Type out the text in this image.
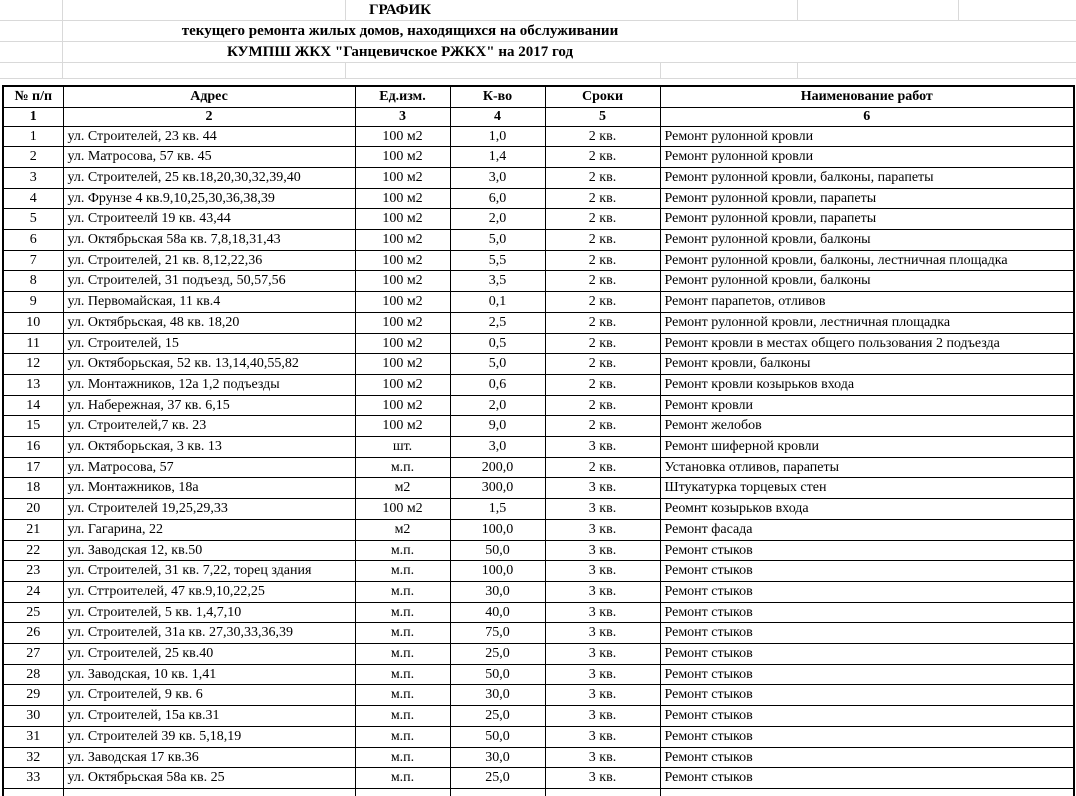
ГРАФИК
текущего ремонта жилых домов, находящихся на обслуживании
КУМПШ ЖКХ "Ганцевичское РЖКХ" на 2017 год
№ п/п	Адрес	Ед.изм.	К-во	Сроки	Наименование работ
1	2	3	4	5	6
1	ул. Строителей, 23 кв. 44	100 м2	1,0	2 кв.	Ремонт рулонной кровли
2	ул. Матросова, 57 кв. 45	100 м2	1,4	2 кв.	Ремонт рулонной кровли
3	ул. Строителей, 25 кв.18,20,30,32,39,40	100 м2	3,0	2 кв.	Ремонт рулонной кровли, балконы, парапеты
4	ул. Фрунзе 4 кв.9,10,25,30,36,38,39	100 м2	6,0	2 кв.	Ремонт рулонной кровли, парапеты
5	ул. Строитеелй 19 кв. 43,44	100 м2	2,0	2 кв.	Ремонт рулонной кровли, парапеты
6	ул. Октябрьская 58а кв. 7,8,18,31,43	100 м2	5,0	2 кв.	Ремонт рулонной кровли, балконы
7	ул. Строителей, 21 кв. 8,12,22,36	100 м2	5,5	2 кв.	Ремонт рулонной кровли, балконы, лестничная площадка
8	ул. Строителей, 31 подъезд, 50,57,56	100 м2	3,5	2 кв.	Ремонт рулонной кровли, балконы
9	ул. Первомайская, 11 кв.4	100 м2	0,1	2 кв.	Ремонт парапетов, отливов
10	ул. Октябрьская, 48 кв. 18,20	100 м2	2,5	2 кв.	Ремонт рулонной кровли, лестничная площадка
11	ул. Строителей, 15	100 м2	0,5	2 кв.	Ремонт кровли в местах общего пользования 2 подъезда
12	ул. Октяборьская, 52 кв. 13,14,40,55,82	100 м2	5,0	2 кв.	Ремонт кровли, балконы
13	ул. Монтажников, 12а 1,2 подъезды	100 м2	0,6	2 кв.	Ремонт кровли козырьков входа
14	ул. Набережная, 37 кв. 6,15	100 м2	2,0	2 кв.	Ремонт кровли
15	ул. Строителей,7 кв. 23	100 м2	9,0	2 кв.	Ремонт желобов
16	ул. Октяборьская, 3 кв. 13	шт.	3,0	3 кв.	Ремонт шиферной кровли
17	ул. Матросова, 57	м.п.	200,0	2 кв.	Установка отливов, парапеты
18	ул. Монтажников, 18а	м2	300,0	3 кв.	Штукатурка торцевых стен
20	ул. Строителей 19,25,29,33	100 м2	1,5	3 кв.	Реомнт козырьков входа
21	ул. Гагарина, 22	м2	100,0	3 кв.	Ремонт фасада
22	ул. Заводская 12, кв.50	м.п.	50,0	3 кв.	Ремонт стыков
23	ул. Строителей, 31 кв. 7,22, торец здания	м.п.	100,0	3 кв.	Ремонт стыков
24	ул. Сттроителей, 47 кв.9,10,22,25	м.п.	30,0	3 кв.	Ремонт стыков
25	ул. Строителей, 5 кв. 1,4,7,10	м.п.	40,0	3 кв.	Ремонт стыков
26	ул. Строителей, 31а кв. 27,30,33,36,39	м.п.	75,0	3 кв.	Ремонт стыков
27	ул. Строителей, 25 кв.40	м.п.	25,0	3 кв.	Ремонт стыков
28	ул. Заводская, 10 кв. 1,41	м.п.	50,0	3 кв.	Ремонт стыков
29	ул. Строителей, 9 кв. 6	м.п.	30,0	3 кв.	Ремонт стыков
30	ул. Строителей, 15а кв.31	м.п.	25,0	3 кв.	Ремонт стыков
31	ул. Строителей 39 кв. 5,18,19	м.п.	50,0	3 кв.	Ремонт стыков
32	ул. Заводская 17 кв.36	м.п.	30,0	3 кв.	Ремонт стыков
33	ул. Октябрьская 58а кв. 25	м.п.	25,0	3 кв.	Ремонт стыков
